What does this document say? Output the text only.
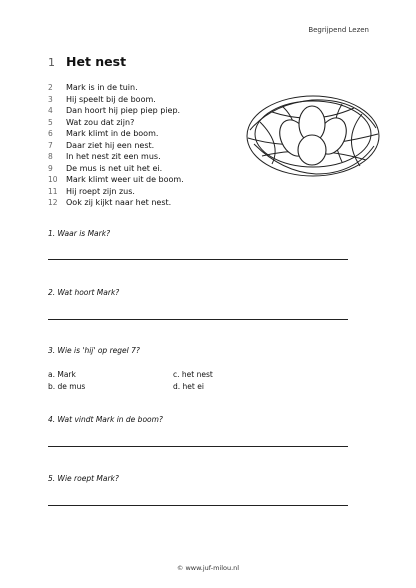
Begrijpend Lezen
1 Het nest
2	Mark is in de tuin.
3	Hij speelt bij de boom.
4	Dan hoort hij piep piep piep.
5	Wat zou dat zijn?
6	Mark klimt in de boom.
7	Daar ziet hij een nest.
8	In het nest zit een mus.
9	De mus is net uit het ei.
10	Mark klimt weer uit de boom.
11	Hij roept zijn zus.
12	Ook zij kijkt naar het nest.
1. Waar is Mark?
2. Wat hoort Mark?
3. Wie is 'hij' op regel 7?
a. Mark	c. het nest
b. de mus	d. het ei
4. Wat vindt Mark in de boom?
5. Wie roept Mark?
© www.juf-milou.nl
